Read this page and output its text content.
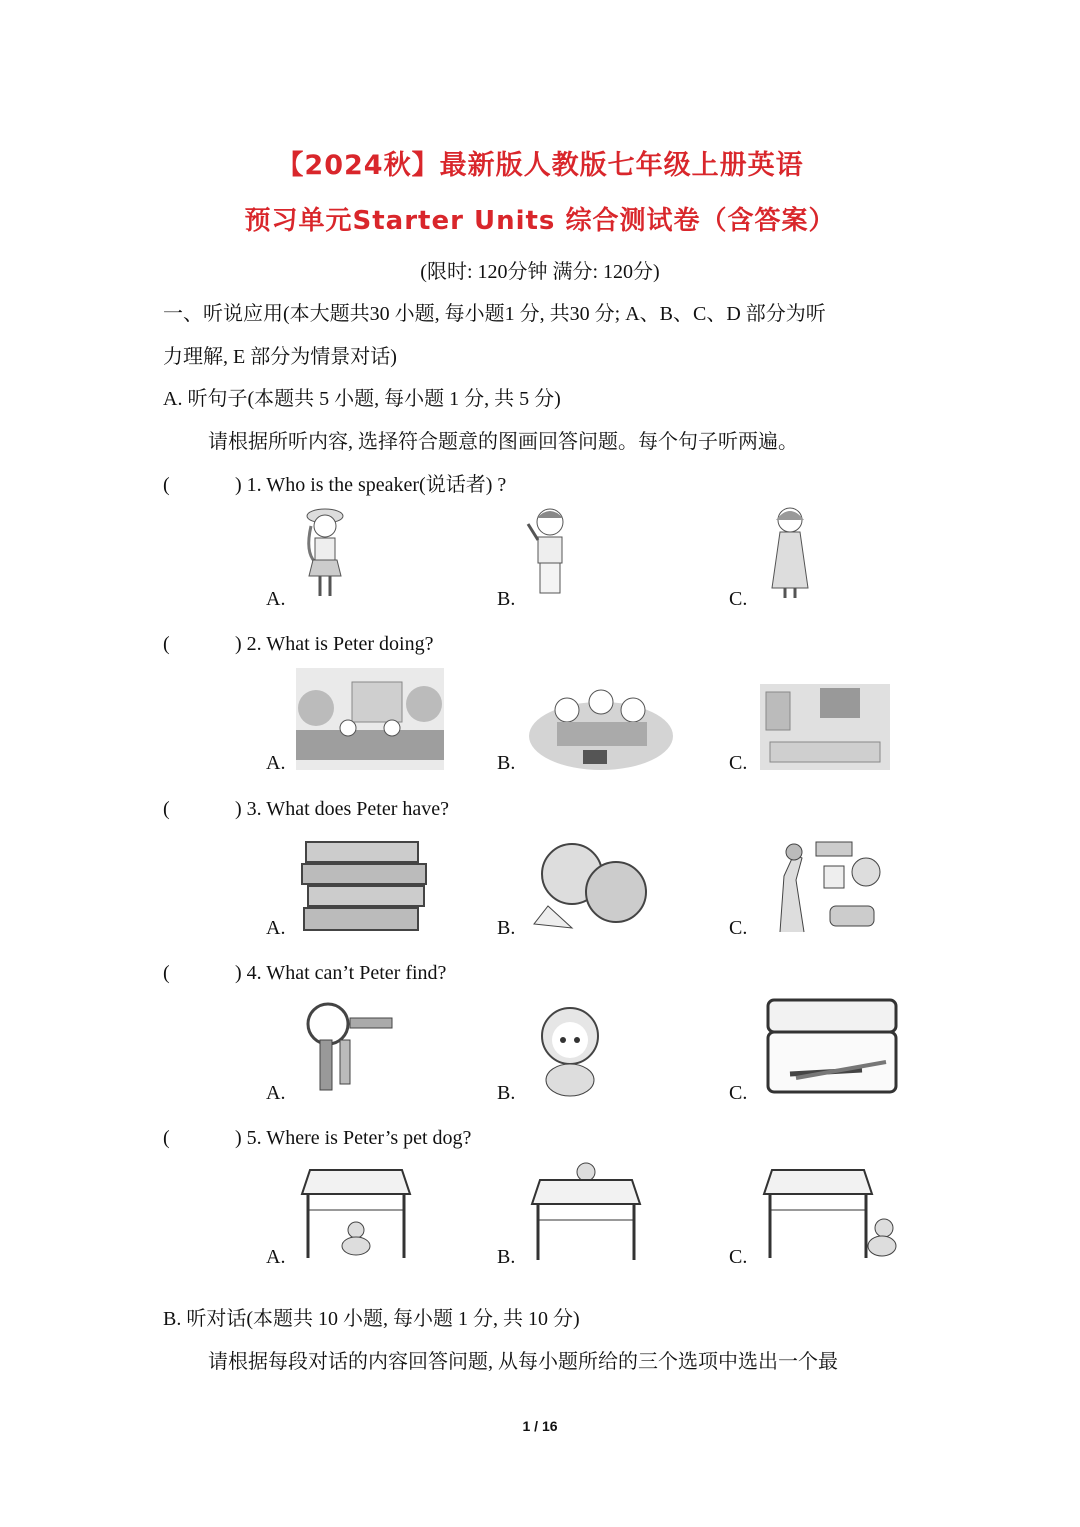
【2024秋】最新版人教版七年级上册英语
预习单元Starter Units 综合测试卷（含答案）
(限时: 120分钟 满分: 120分)
一、听说应用(本大题共30 小题, 每小题1 分, 共30 分; A、B、C、D 部分为听
力理解, E 部分为情景对话)
A. 听句子(本题共 5 小题, 每小题 1 分, 共 5 分)
请根据所听内容, 选择符合题意的图画回答问题。每个句子听两遍。
(	) 1. Who is the speaker(说话者) ?
A.	B.	C.
(	) 2. What is Peter doing?
A.	B.	C.
(	) 3. What does Peter have?
A.	B.	C.
(	) 4. What can’t Peter find?
A.	B.	C.
(	) 5. Where is Peter’s pet dog?
A.	B.	C.
B. 听对话(本题共 10 小题, 每小题 1 分, 共 10 分)
请根据每段对话的内容回答问题, 从每小题所给的三个选项中选出一个最
1 / 16
